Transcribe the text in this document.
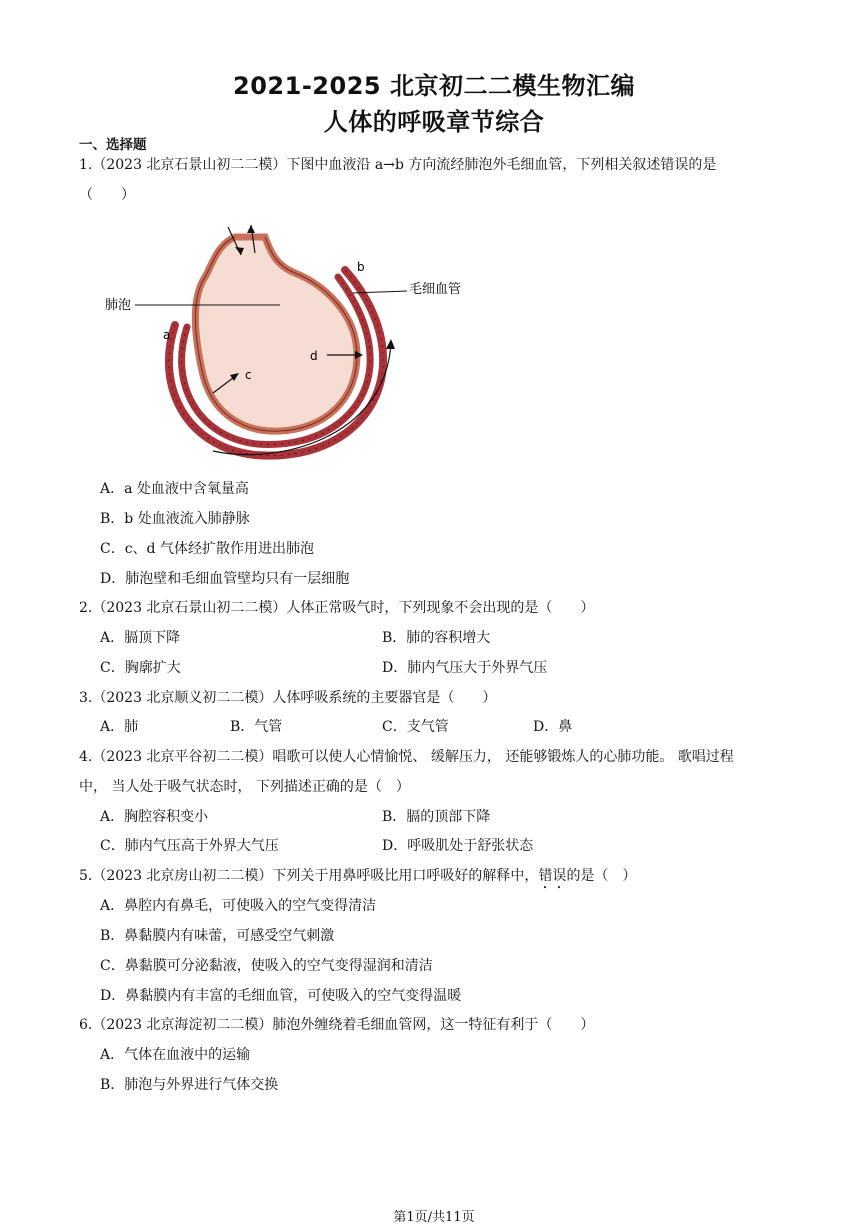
2021-2025 北京初二二模生物汇编
人体的呼吸章节综合
一、选择题
1.（2023 北京石景山初二二模）下图中血液沿 a→b 方向流经肺泡外毛细血管，下列相关叙述错误的是
（　　）
肺泡
毛细血管
a
b
c
d
A．a 处血液中含氧量高
B．b 处血液流入肺静脉
C．c、d 气体经扩散作用进出肺泡
D．肺泡壁和毛细血管壁均只有一层细胞
2.（2023 北京石景山初二二模）人体正常吸气时，下列现象不会出现的是（　　）
A．膈顶下降	B．肺的容积增大
C．胸廓扩大	D．肺内气压大于外界气压
3.（2023 北京顺义初二二模）人体呼吸系统的主要器官是（　　）
A．肺	B．气管	C．支气管	D．鼻
4.（2023 北京平谷初二二模）唱歌可以使人心情愉悦、 缓解压力， 还能够锻炼人的心肺功能。 歌唱过程
中， 当人处于吸气状态时， 下列描述正确的是（　）
A．胸腔容积变小	B．膈的顶部下降
C．肺内气压高于外界大气压	D．呼吸肌处于舒张状态
5.（2023 北京房山初二二模）下列关于用鼻呼吸比用口呼吸好的解释中，错误的是（　）
A．鼻腔内有鼻毛，可使吸入的空气变得清洁
B．鼻黏膜内有味蕾，可感受空气刺激
C．鼻黏膜可分泌黏液，使吸入的空气变得湿润和清洁
D．鼻黏膜内有丰富的毛细血管，可使吸入的空气变得温暖
6.（2023 北京海淀初二二模）肺泡外缠绕着毛细血管网，这一特征有利于（　　）
A．气体在血液中的运输
B．肺泡与外界进行气体交换
第1页/共11页
